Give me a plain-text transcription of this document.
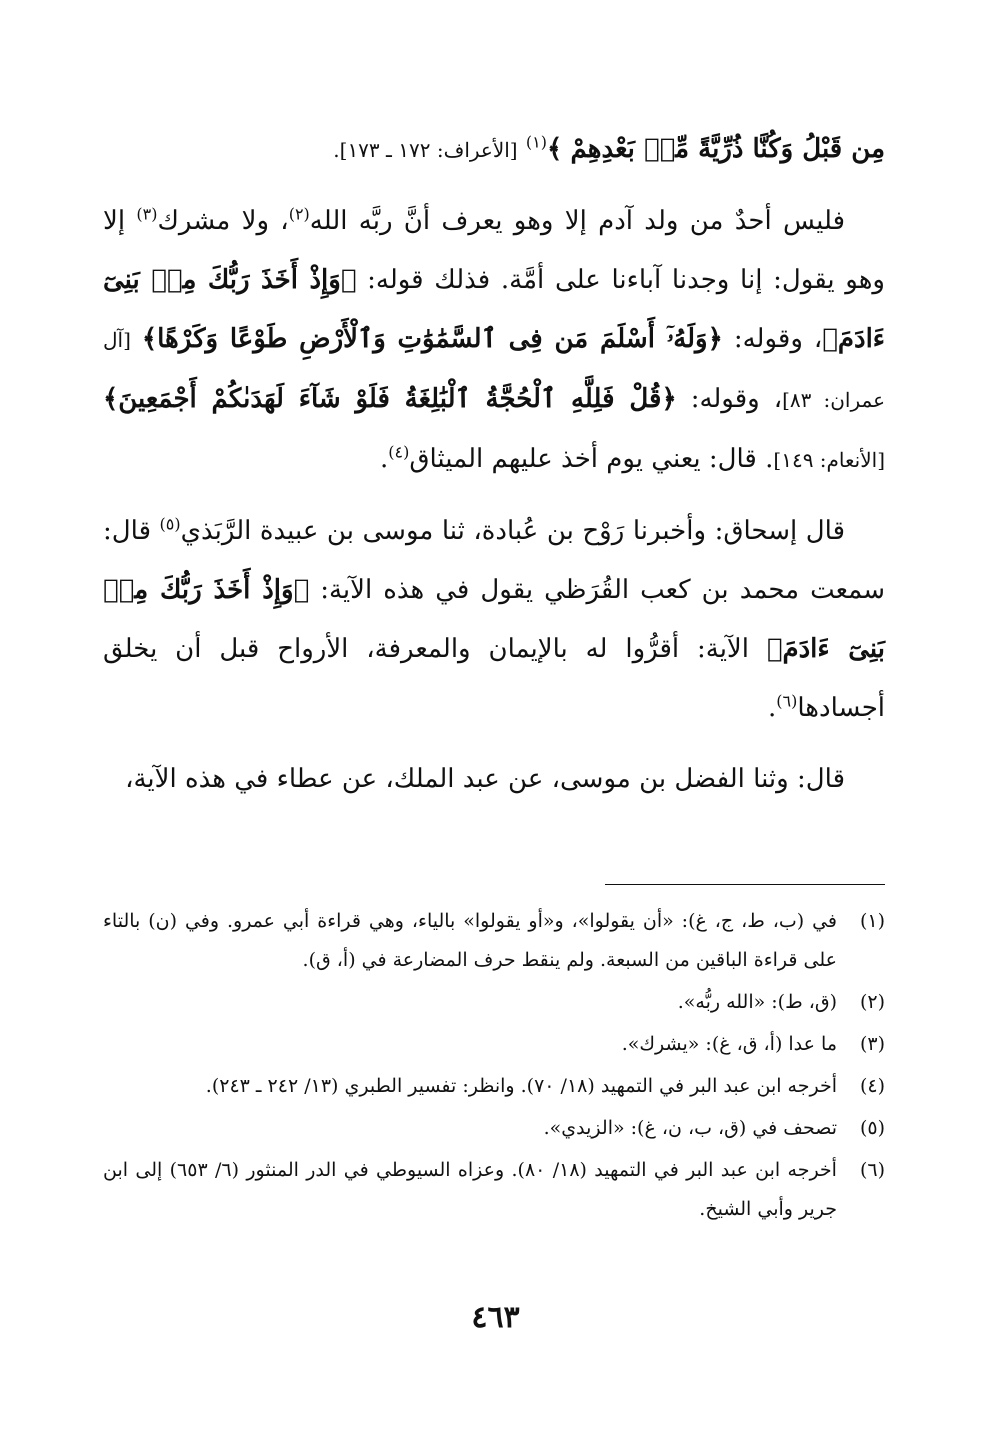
مِن قَبْلُ وَكُنَّا ذُرِّيَّةً مِّنۢ بَعْدِهِمْ ﴾$^{(١)}$ [الأعراف: ١٧٢ ـ ١٧٣].

فليس أحدٌ من ولد آدم إلا وهو يعرف أنَّ ربَّه الله$^{(٢)}$، ولا مشرك$^{(٣)}$ إلا وهو يقول: إنا وجدنا آباءنا على أمَّة. فذلك قوله: ﴿وَإِذْ أَخَذَ رَبُّكَ مِنۢ بَنِىٓ ءَادَمَ﴾، وقوله: ﴿وَلَهُۥٓ أَسْلَمَ مَن فِى ٱلسَّمَٰوَٰتِ وَٱلْأَرْضِ طَوْعًا وَكَرْهًا﴾ [آل عمران: ٨٣]، وقوله: ﴿قُلْ فَلِلَّهِ ٱلْحُجَّةُ ٱلْبَٰلِغَةُ فَلَوْ شَآءَ لَهَدَىٰكُمْ أَجْمَعِينَ﴾ [الأنعام: ١٤٩]. قال: يعني يوم أخذ عليهم الميثاق$^{(٤)}$.

قال إسحاق: وأخبرنا رَوْح بن عُبادة، ثنا موسى بن عبيدة الرَّبَذي$^{(٥)}$ قال: سمعت محمد بن كعب القُرَظي يقول في هذه الآية: ﴿وَإِذْ أَخَذَ رَبُّكَ مِنۢ بَنِىٓ ءَادَمَ﴾ الآية: أقرُّوا له بالإيمان والمعرفة، الأرواح قبل أن يخلق أجسادها$^{(٦)}$.

قال: وثنا الفضل بن موسى، عن عبد الملك، عن عطاء في هذه الآية،

(١)
في (ب، ط، ج، غ): «أن يقولوا»، و«أو يقولوا» بالياء، وهي قراءة أبي عمرو. وفي (ن) بالتاء على قراءة الباقين من السبعة. ولم ينقط حرف المضارعة في (أ، ق).
(٢)
(ق، ط): «الله ربُّه».
(٣)
ما عدا (أ، ق، غ): «يشرك».
(٤)
أخرجه ابن عبد البر في التمهيد (١٨/ ٧٠). وانظر: تفسير الطبري (١٣/ ٢٤٢ ـ ٢٤٣).
(٥)
تصحف في (ق، ب، ن، غ): «الزيدي».
(٦)
أخرجه ابن عبد البر في التمهيد (١٨/ ٨٠). وعزاه السيوطي في الدر المنثور (٦/ ٦٥٣) إلى ابن جرير وأبي الشيخ.
٤٦٣
